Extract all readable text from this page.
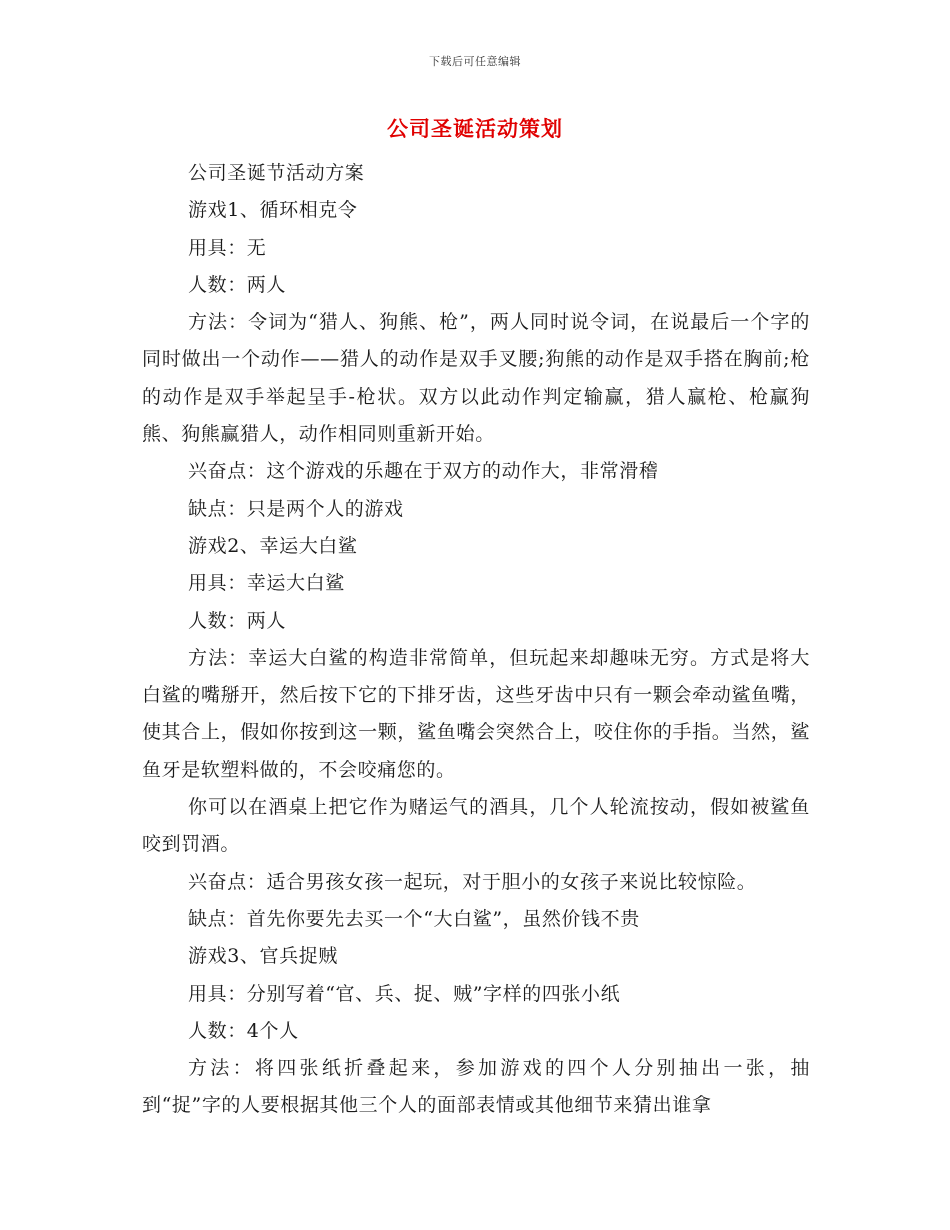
下载后可任意编辑
公司圣诞活动策划

公司圣诞节活动方案

游戏1、循环相克令

用具：无

人数：两人

方法：令词为“猎人、狗熊、枪”，两人同时说令词，在说最后一个字的同时做出一个动作——猎人的动作是双手叉腰;狗熊的动作是双手搭在胸前;枪的动作是双手举起呈手-枪状。双方以此动作判定输赢，猎人赢枪、枪赢狗熊、狗熊赢猎人，动作相同则重新开始。

兴奋点：这个游戏的乐趣在于双方的动作大，非常滑稽

缺点：只是两个人的游戏

游戏2、幸运大白鲨

用具：幸运大白鲨

人数：两人

方法：幸运大白鲨的构造非常简单，但玩起来却趣味无穷。方式是将大白鲨的嘴掰开，然后按下它的下排牙齿，这些牙齿中只有一颗会牵动鲨鱼嘴，使其合上，假如你按到这一颗，鲨鱼嘴会突然合上，咬住你的手指。当然，鲨鱼牙是软塑料做的，不会咬痛您的。

你可以在酒桌上把它作为赌运气的酒具，几个人轮流按动，假如被鲨鱼咬到罚酒。

兴奋点：适合男孩女孩一起玩，对于胆小的女孩子来说比较惊险。

缺点：首先你要先去买一个“大白鲨”，虽然价钱不贵

游戏3、官兵捉贼

用具：分别写着“官、兵、捉、贼”字样的四张小纸

人数：4个人

方法：将四张纸折叠起来，参加游戏的四个人分别抽出一张，抽到“捉”字的人要根据其他三个人的面部表情或其他细节来猜出谁拿
